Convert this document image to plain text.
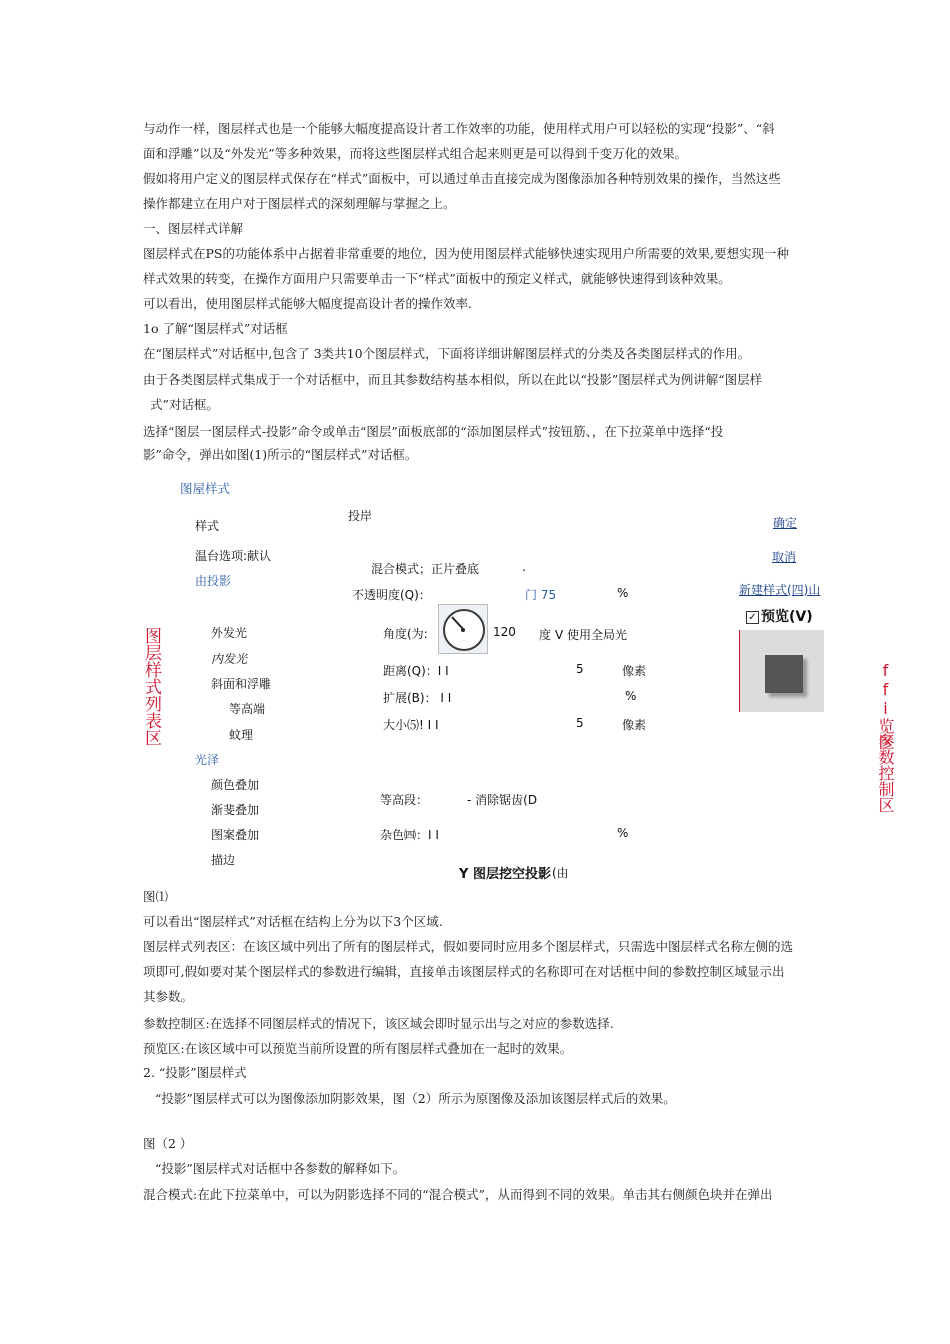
与动作一样，图层样式也是一个能够大幅度提高设计者工作效率的功能，使用样式用户可以轻松的实现“投影”、“斜

面和浮雕”以及“外发光”等多种效果，而将这些图层样式组合起来则更是可以得到千变万化的效果。

假如将用户定义的图层样式保存在“样式”面板中，可以通过单击直接完成为图像添加各种特别效果的操作，当然这些

操作都建立在用户对于图层样式的深刻理解与掌握之上。

一、图层样式详解

图层样式在PS的功能体系中占据着非常重要的地位，因为使用图层样式能够快速实现用户所需要的效果,要想实现一种

样式效果的转变，在操作方面用户只需要单击一下“样式”面板中的预定义样式，就能够快速得到该种效果。

可以看出，使用图层样式能够大幅度提高设计者的操作效率.

1o 了解“图层样式”对话框

在“图层样式”对话框中,包含了 3类共10个图层样式，下面将详细讲解图层样式的分类及各类图层样式的作用。

由于各类图层样式集成于一个对话框中，而且其参数结构基本相似，所以在此以“投影”图层样式为例讲解“图层样

式”对话框。

选择“图层一图层样式-投影”命令或单击“图层”面板底部的“添加图层样式”按钮筋、，在下拉菜单中选择“投

影”命令，弹出如图(1)所示的“图层样式”对话框。

图屋样式
样式
温台选项:献认
由投影
外发光
内发光
斜面和浮雕
等高端
蚊理
光泽
颜色叠加
渐斐叠加
图案叠加
描边
图层样式列表区	ffi览区
参数控制区
投岸
混合模式；正片叠底	.
不透明度(Q)：	门 75	%
角度(为:	120 度 V 使用全局光
距离(Q)：I I	5	像素
扩展(B)： I I	%
大小⑸! I I	5	像素
等高段：	- 消除锯齿(D
杂色㈣：I I	%
Y 图层挖空投影 (由
确定
取消
新建样式(四)山
✓ 预览(V)

图⑴

可以看出“图层样式”对话框在结构上分为以下3个区域.

图层样式列表区：在该区域中列出了所有的图层样式，假如要同时应用多个图层样式，只需选中图层样式名称左侧的选

项即可,假如要对某个图层样式的参数进行编辑，直接单击该图层样式的名称即可在对话框中间的参数控制区域显示出

其参数。

参数控制区:在选择不同图层样式的情况下，该区域会即时显示出与之对应的参数选择.

预览区:在该区域中可以预览当前所设置的所有图层样式叠加在一起时的效果。

2. “投影”图层样式

“投影”图层样式可以为图像添加阴影效果，图（2）所示为原图像及添加该图层样式后的效果。

图（2 ）

“投影”图层样式对话框中各参数的解释如下。

混合模式:在此下拉菜单中，可以为阴影选择不同的“混合模式”，从而得到不同的效果。单击其右侧颜色块并在弹出
